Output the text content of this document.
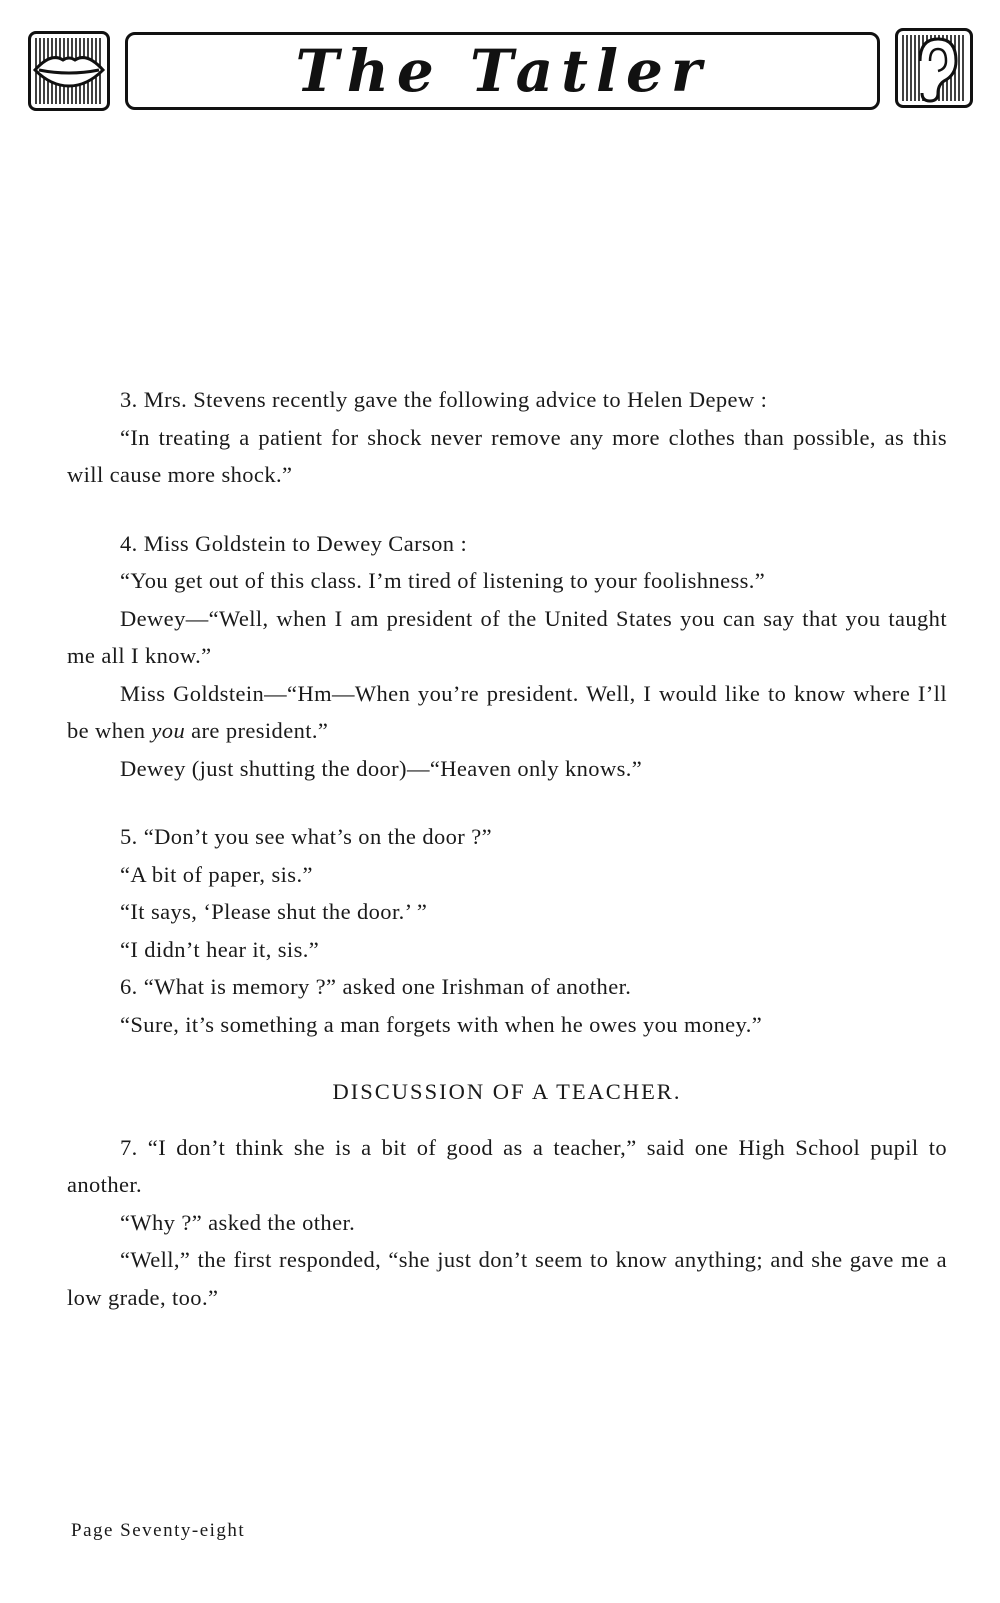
The Tatler

3. Mrs. Stevens recently gave the following advice to Helen Depew :

“In treating a patient for shock never remove any more clothes than possible, as this will cause more shock.”

4. Miss Goldstein to Dewey Carson :

“You get out of this class. I’m tired of listening to your foolishness.”

Dewey—“Well, when I am president of the United States you can say that you taught me all I know.”

Miss Goldstein—“Hm—When you’re president. Well, I would like to know where I’ll be when you are president.”

Dewey (just shutting the door)—“Heaven only knows.”

5. “Don’t you see what’s on the door ?”

“A bit of paper, sis.”

“It says, ‘Please shut the door.’ ”

“I didn’t hear it, sis.”

6. “What is memory ?” asked one Irishman of another.

“Sure, it’s something a man forgets with when he owes you money.”

DISCUSSION OF A TEACHER.

7. “I don’t think she is a bit of good as a teacher,” said one High School pupil to another.

“Why ?” asked the other.

“Well,” the first responded, “she just don’t seem to know anything; and she gave me a low grade, too.”

Page Seventy-eight
